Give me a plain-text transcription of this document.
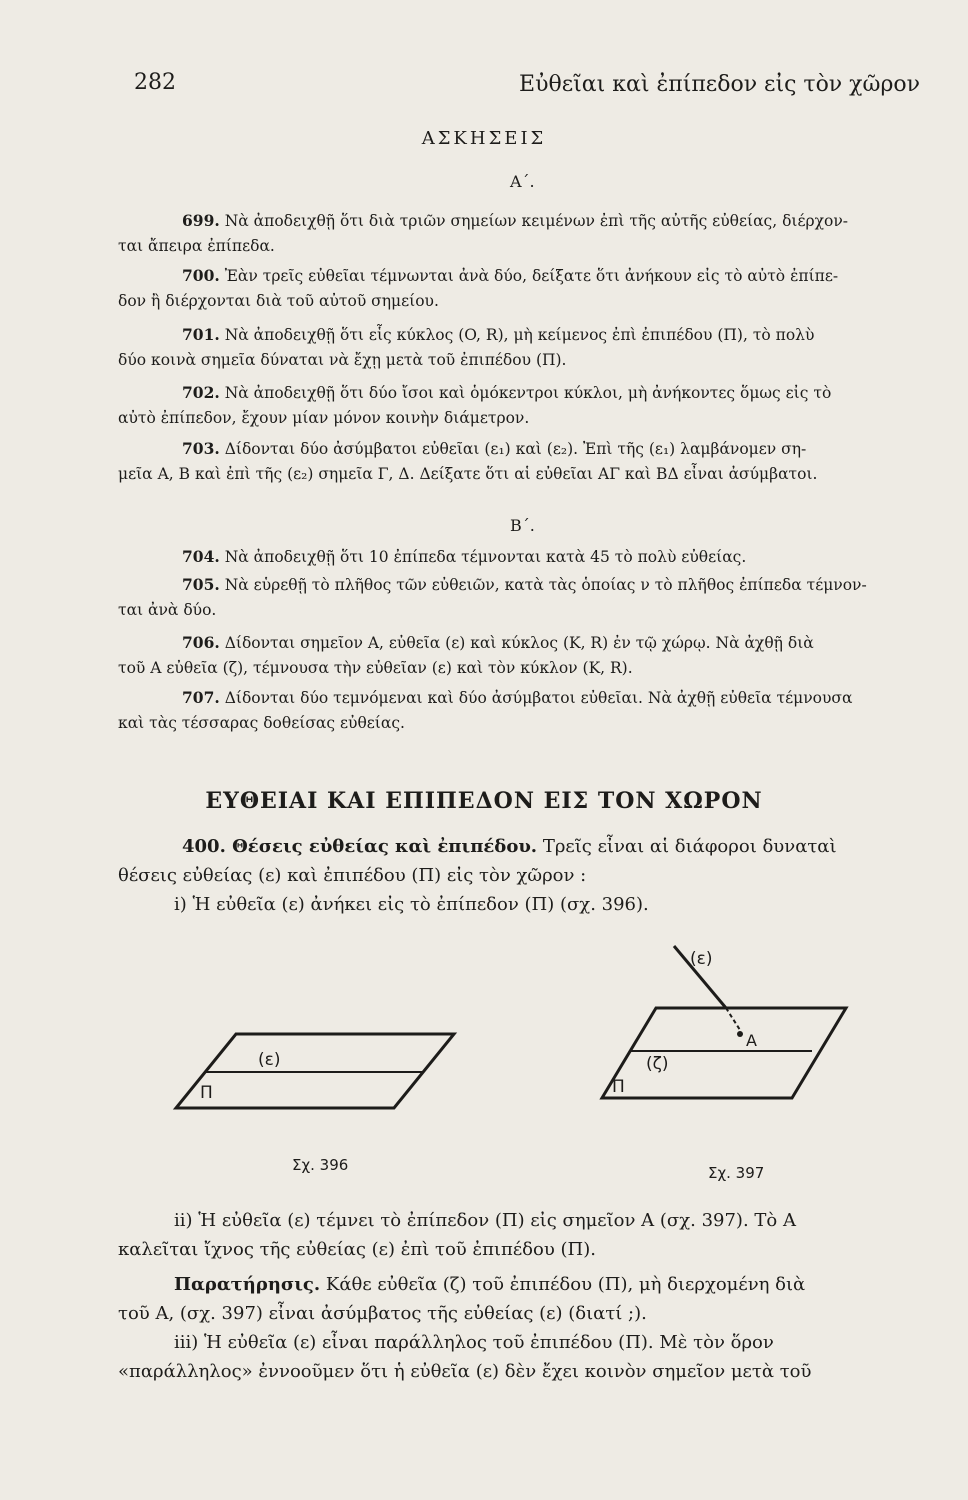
282	Εὐθεῖαι καὶ ἐπίπεδον εἰς τὸν χῶρον
ΑΣΚΗΣΕΙΣ
Α΄.

699. Νὰ ἀποδειχθῇ ὅτι διὰ τριῶν σημείων κειμένων ἐπὶ τῆς αὐτῆς εὐθείας, διέρχον-

ται ἄπειρα ἐπίπεδα.

700. Ἐὰν τρεῖς εὐθεῖαι τέμνωνται ἀνὰ δύο, δείξατε ὅτι ἀνήκουν εἰς τὸ αὐτὸ ἐπίπε-

δον ἢ διέρχονται διὰ τοῦ αὐτοῦ σημείου.

701. Νὰ ἀποδειχθῇ ὅτι εἷς κύκλος (O, R), μὴ κείμενος ἐπὶ ἐπιπέδου (Π), τὸ πολὺ

δύο κοινὰ σημεῖα δύναται νὰ ἔχῃ μετὰ τοῦ ἐπιπέδου (Π).

702. Νὰ ἀποδειχθῇ ὅτι δύο ἴσοι καὶ ὁμόκεντροι κύκλοι, μὴ ἀνήκοντες ὅμως εἰς τὸ

αὐτὸ ἐπίπεδον, ἔχουν μίαν μόνον κοινὴν διάμετρον.

703. Δίδονται δύο ἀσύμβατοι εὐθεῖαι (ε₁) καὶ (ε₂). Ἐπὶ τῆς (ε₁) λαμβάνομεν ση-

μεῖα Α, Β καὶ ἐπὶ τῆς (ε₂) σημεῖα Γ, Δ. Δείξατε ὅτι αἱ εὐθεῖαι ΑΓ καὶ ΒΔ εἶναι ἀσύμβατοι.

Β΄.

704. Νὰ ἀποδειχθῇ ὅτι 10 ἐπίπεδα τέμνονται κατὰ 45 τὸ πολὺ εὐθείας.

705. Νὰ εὑρεθῇ τὸ πλῆθος τῶν εὐθειῶν, κατὰ τὰς ὁποίας ν τὸ πλῆθος ἐπίπεδα τέμνον-

ται ἀνὰ δύο.

706. Δίδονται σημεῖον Α, εὐθεῖα (ε) καὶ κύκλος (Κ, R) ἐν τῷ χώρῳ. Νὰ ἀχθῇ διὰ

τοῦ Α εὐθεῖα (ζ), τέμνουσα τὴν εὐθεῖαν (ε) καὶ τὸν κύκλον (Κ, R).

707. Δίδονται δύο τεμνόμεναι καὶ δύο ἀσύμβατοι εὐθεῖαι. Νὰ ἀχθῇ εὐθεῖα τέμνουσα

καὶ τὰς τέσσαρας δοθείσας εὐθείας.

ΕΥΘΕΙΑΙ ΚΑΙ ΕΠΙΠΕΔΟΝ ΕΙΣ ΤΟΝ ΧΩΡΟΝ

400. Θέσεις εὐθείας καὶ ἐπιπέδου. Τρεῖς εἶναι αἱ διάφοροι δυναταὶ

θέσεις εὐθείας (ε) καὶ ἐπιπέδου (Π) εἰς τὸν χῶρον :

i) Ἡ εὐθεῖα (ε) ἀνήκει εἰς τὸ ἐπίπεδον (Π) (σχ. 396).

(ε)
Π
Σχ. 396
(ε)
(ζ)
Α
Π
Σχ. 397

ii) Ἡ εὐθεῖα (ε) τέμνει τὸ ἐπίπεδον (Π) εἰς σημεῖον Α (σχ. 397). Τὸ Α

καλεῖται ἴχνος τῆς εὐθείας (ε) ἐπὶ τοῦ ἐπιπέδου (Π).

Παρατήρησις. Κάθε εὐθεῖα (ζ) τοῦ ἐπιπέδου (Π), μὴ διερχομένη διὰ

τοῦ Α, (σχ. 397) εἶναι ἀσύμβατος τῆς εὐθείας (ε) (διατί ;).

iii) Ἡ εὐθεῖα (ε) εἶναι παράλληλος τοῦ ἐπιπέδου (Π). Μὲ τὸν ὅρον

«παράλληλος» ἐννοοῦμεν ὅτι ἡ εὐθεῖα (ε) δὲν ἔχει κοινὸν σημεῖον μετὰ τοῦ
